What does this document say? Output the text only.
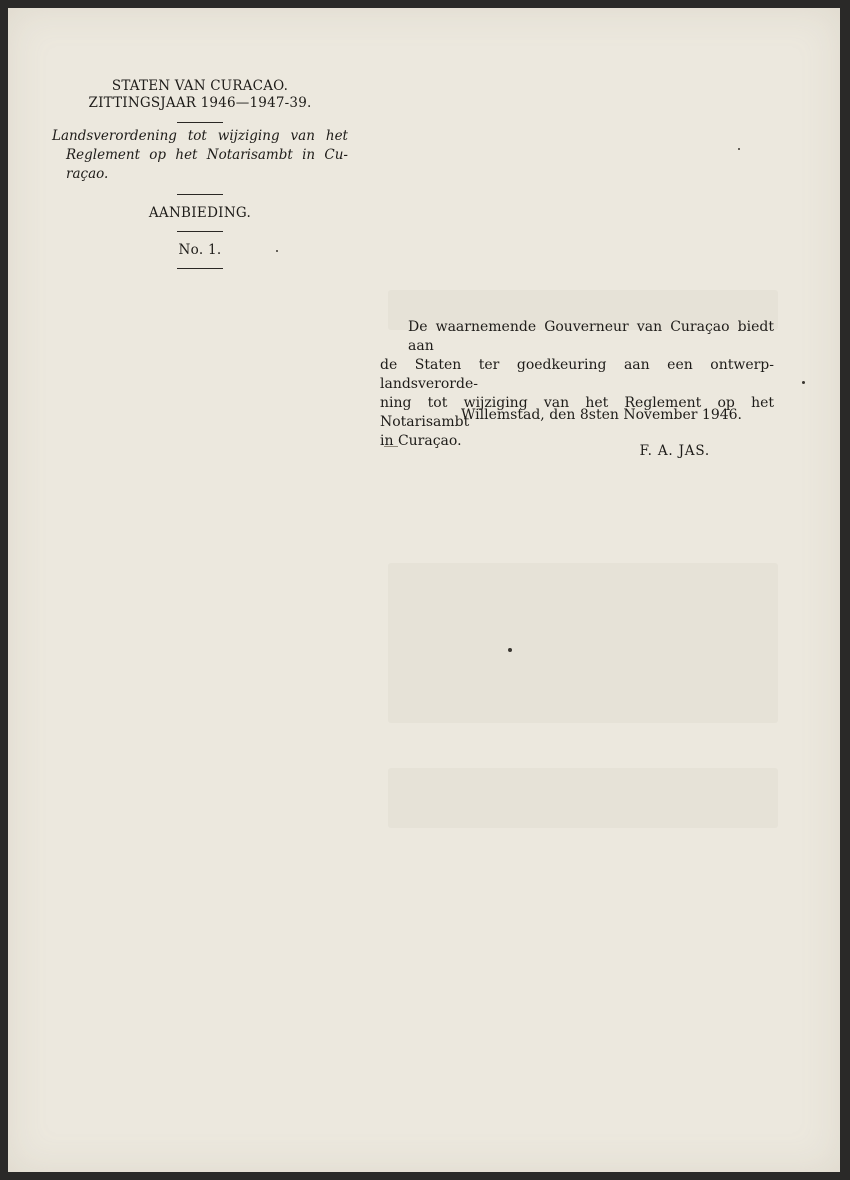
STATEN VAN CURACAO.
ZITTINGSJAAR 1946—1947-39.
Landsverordening tot wijziging van het
Reglement op het Notarisambt in Cu-
raçao.
AANBIEDING.
No. 1.
De waarnemende Gouverneur van Curaçao biedt aan
de Staten ter goedkeuring aan een ontwerp-landsverorde-
ning tot wijziging van het Reglement op het Notarisambt
in Curaçao.
Willemstad, den 8sten November 1946.
F. A. JAS.
